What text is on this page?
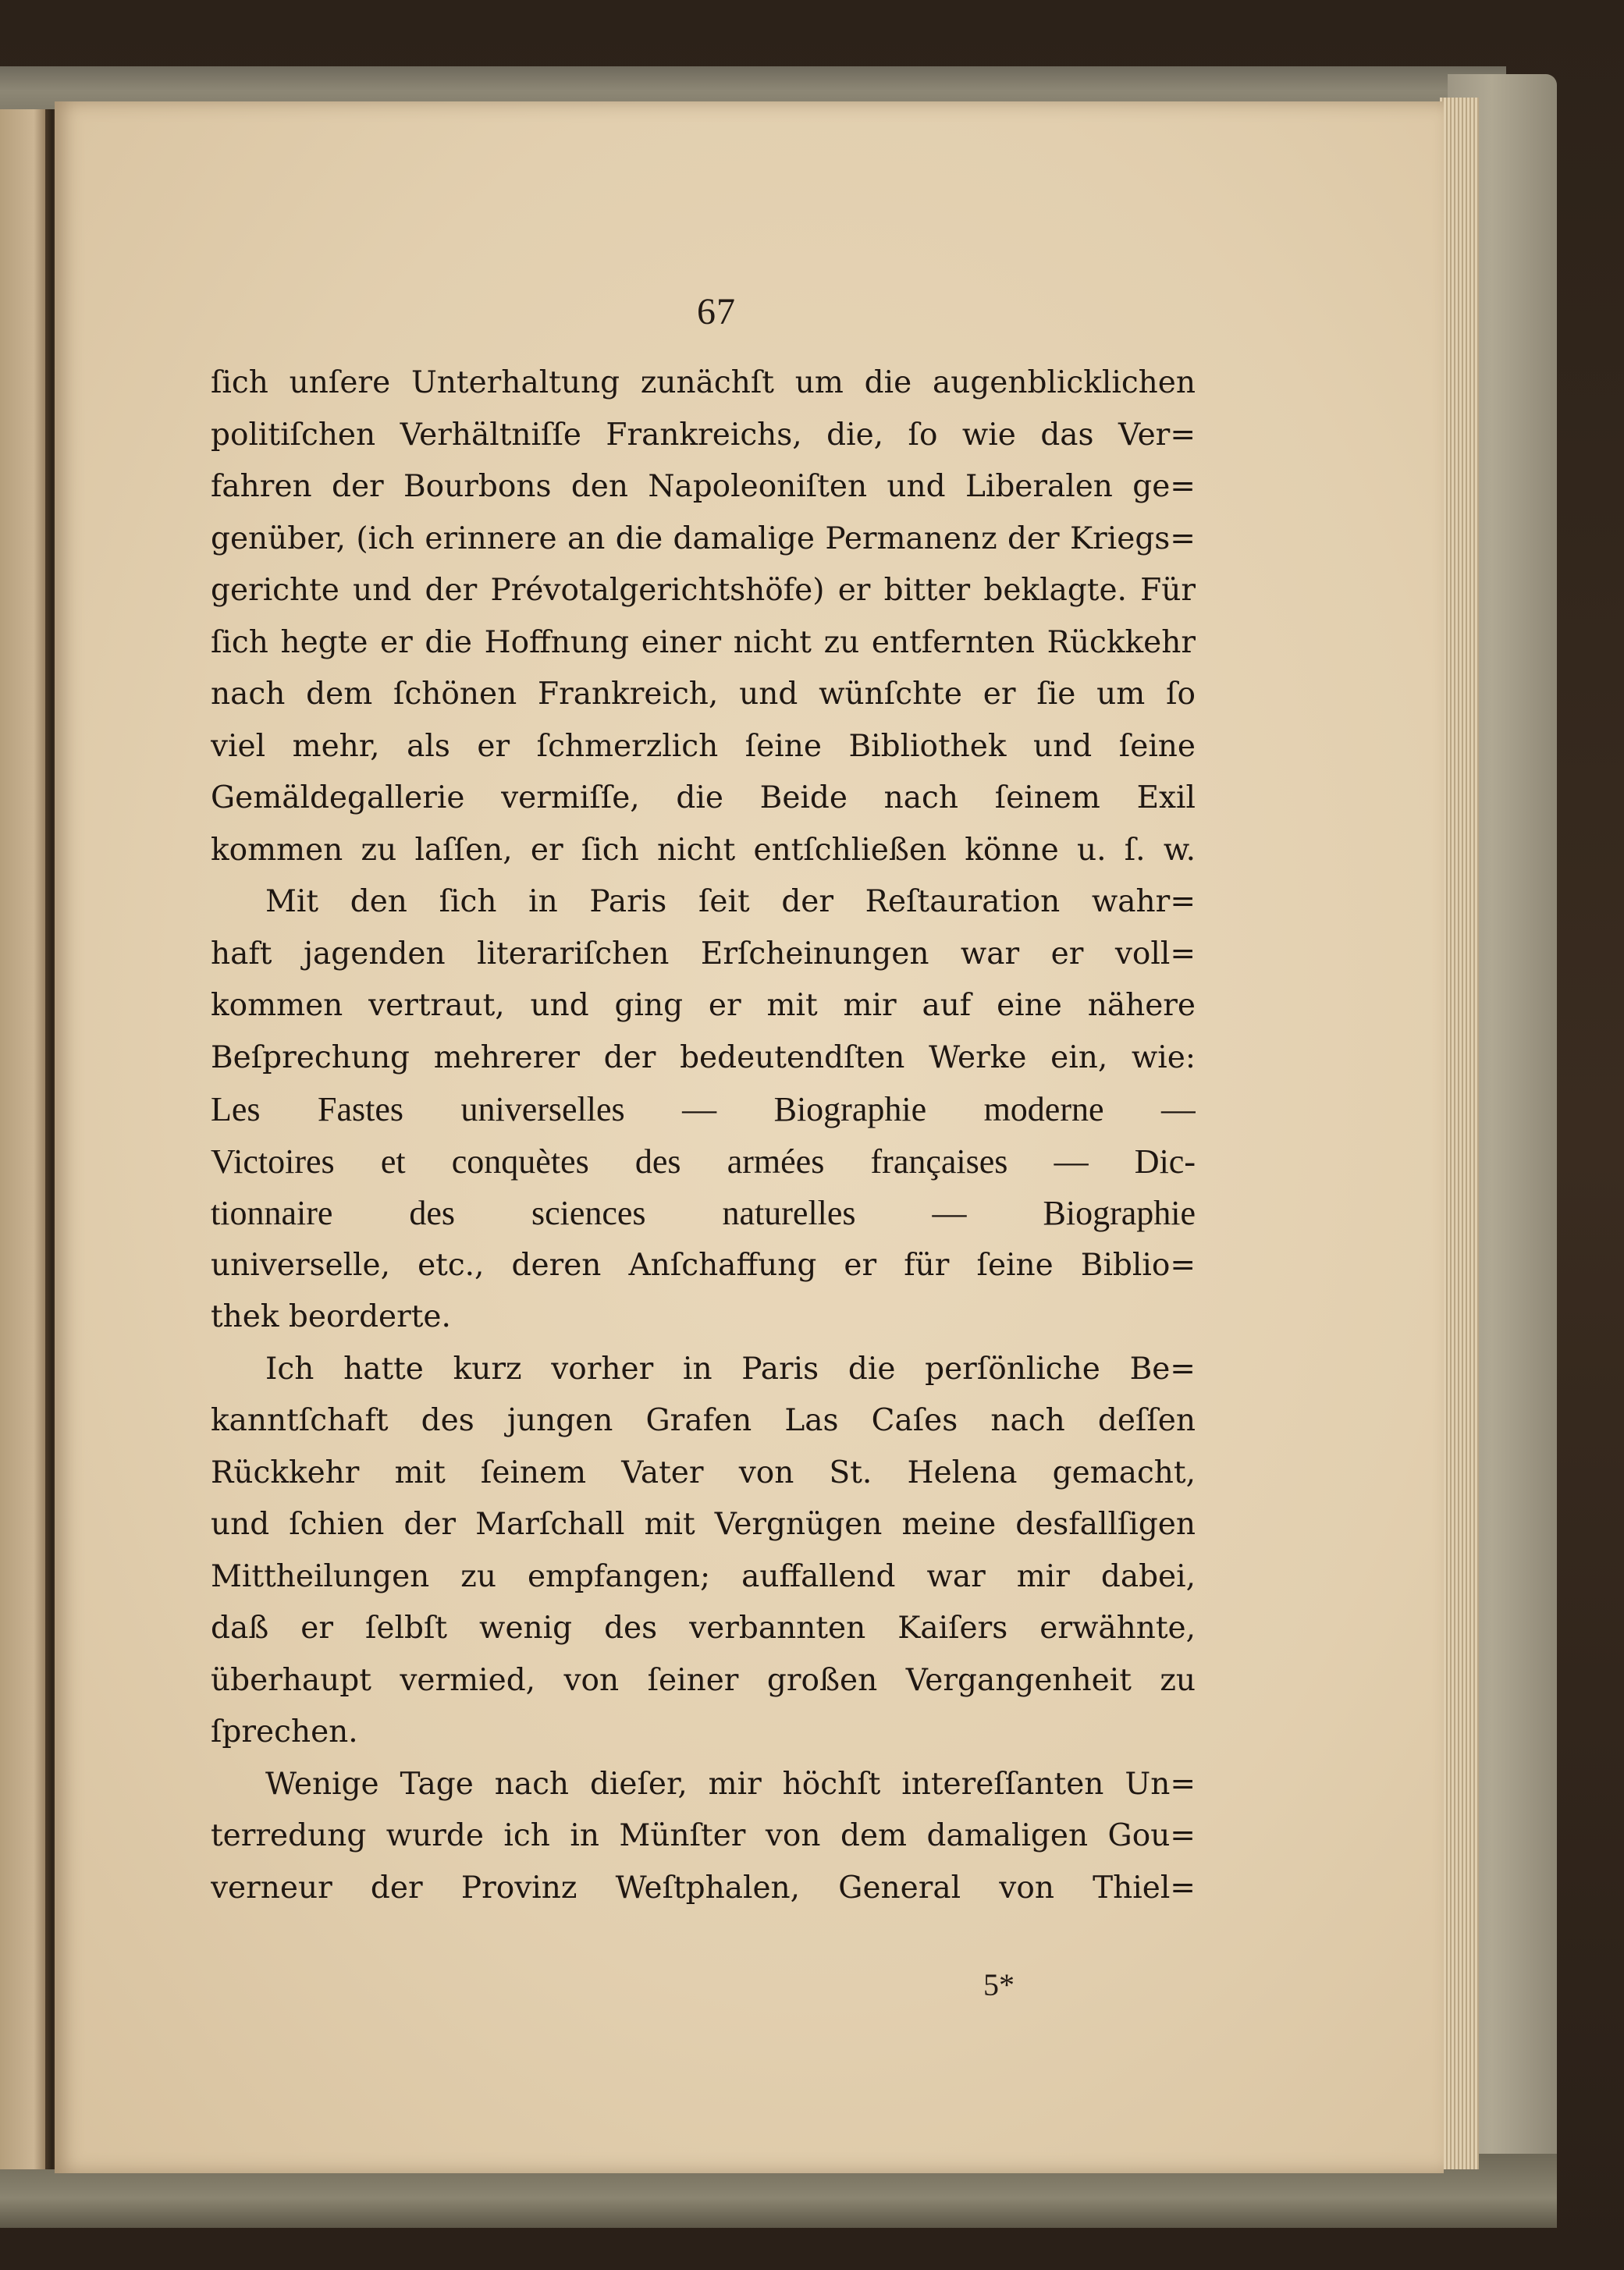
67
ſich unſere Unterhaltung zunächſt um die augenblicklichen
politiſchen Verhältniſſe Frankreichs, die, ſo wie das Ver=
fahren der Bourbons den Napoleoniſten und Liberalen ge=
genüber, (ich erinnere an die damalige Permanenz der Kriegs=
gerichte und der Prévotalgerichtshöfe) er bitter beklagte. Für
ſich hegte er die Hoffnung einer nicht zu entfernten Rückkehr
nach dem ſchönen Frankreich, und wünſchte er ſie um ſo
viel mehr, als er ſchmerzlich ſeine Bibliothek und ſeine
Gemäldegallerie vermiſſe, die Beide nach ſeinem Exil
kommen zu laſſen, er ſich nicht entſchließen könne u. ſ. w.
Mit den ſich in Paris ſeit der Reſtauration wahr=
haft jagenden literariſchen Erſcheinungen war er voll=
kommen vertraut, und ging er mit mir auf eine nähere
Beſprechung mehrerer der bedeutendſten Werke ein, wie:
Les Fastes universelles — Biographie moderne —
Victoires et conquètes des armées françaises — Dic-
tionnaire des sciences naturelles — Biographie
universelle, etc., deren Anſchaffung er für ſeine Biblio=
thek beorderte.
Ich hatte kurz vorher in Paris die perſönliche Be=
kanntſchaft des jungen Grafen Las Caſes nach deſſen
Rückkehr mit ſeinem Vater von St. Helena gemacht,
und ſchien der Marſchall mit Vergnügen meine desfallſigen
Mittheilungen zu empfangen; auffallend war mir dabei,
daß er ſelbſt wenig des verbannten Kaiſers erwähnte,
überhaupt vermied, von ſeiner großen Vergangenheit zu
ſprechen.
Wenige Tage nach dieſer, mir höchſt intereſſanten Un=
terredung wurde ich in Münſter von dem damaligen Gou=
verneur der Provinz Weſtphalen, General von Thiel=
5*
